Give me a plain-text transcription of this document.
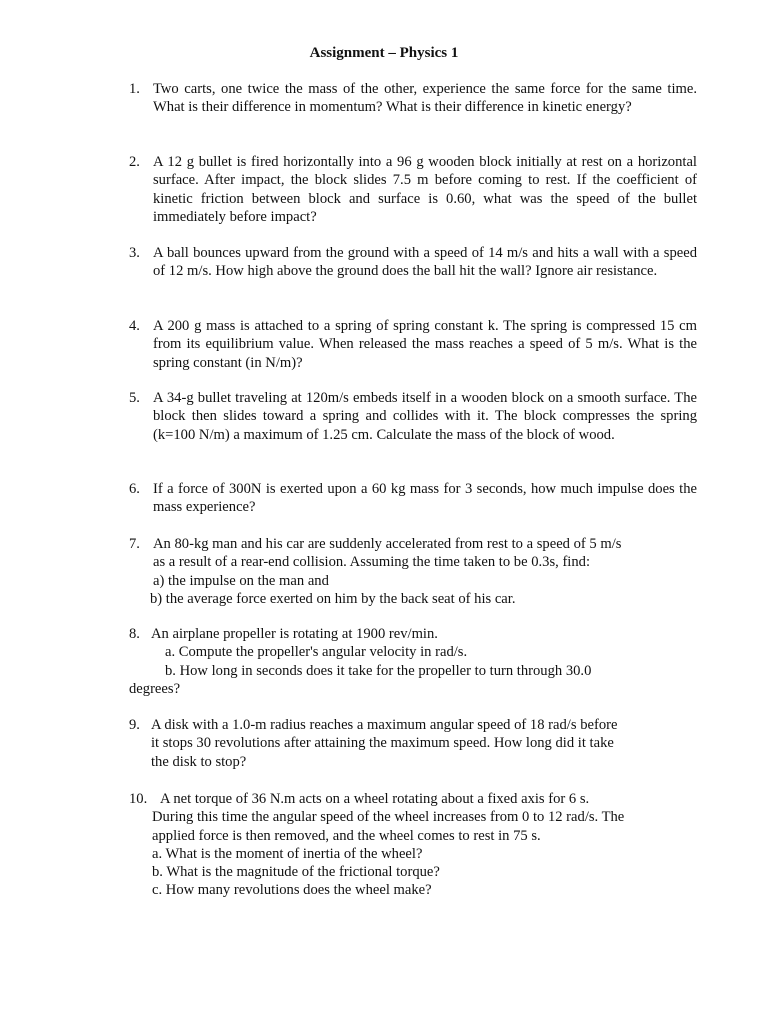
Assignment – Physics 1
1. Two carts, one twice the mass of the other, experience the same force for the same time. What is their difference in momentum? What is their difference in kinetic energy?
2. A 12 g bullet is fired horizontally into a 96 g wooden block initially at rest on a horizontal surface. After impact, the block slides 7.5 m before coming to rest. If the coefficient of kinetic friction between block and surface is 0.60, what was the speed of the bullet immediately before impact?
3. A ball bounces upward from the ground with a speed of 14 m/s and hits a wall with a speed of 12 m/s. How high above the ground does the ball hit the wall? Ignore air resistance.
4. A 200 g mass is attached to a spring of spring constant k. The spring is compressed 15 cm from its equilibrium value. When released the mass reaches a speed of 5 m/s. What is the spring constant (in N/m)?
5. A 34-g bullet traveling at 120m/s embeds itself in a wooden block on a smooth surface. The block then slides toward a spring and collides with it. The block compresses the spring (k=100 N/m) a maximum of 1.25 cm. Calculate the mass of the block of wood.
6. If a force of 300N is exerted upon a 60 kg mass for 3 seconds, how much impulse does the mass experience?
7. An 80-kg man and his car are suddenly accelerated from rest to a speed of 5 m/s
as a result of a rear-end collision. Assuming the time taken to be 0.3s, find:
a) the impulse on the man and
b) the average force exerted on him by the back seat of his car.
8. An airplane propeller is rotating at 1900 rev/min.
a. Compute the propeller's angular velocity in rad/s.
b. How long in seconds does it take for the propeller to turn through 30.0
degrees?
9. A disk with a 1.0-m radius reaches a maximum angular speed of 18 rad/s before
it stops 30 revolutions after attaining the maximum speed. How long did it take
the disk to stop?
10. A net torque of 36 N.m acts on a wheel rotating about a fixed axis for 6 s.
During this time the angular speed of the wheel increases from 0 to 12 rad/s. The
applied force is then removed, and the wheel comes to rest in 75 s.
a. What is the moment of inertia of the wheel?
b. What is the magnitude of the frictional torque?
c. How many revolutions does the wheel make?
